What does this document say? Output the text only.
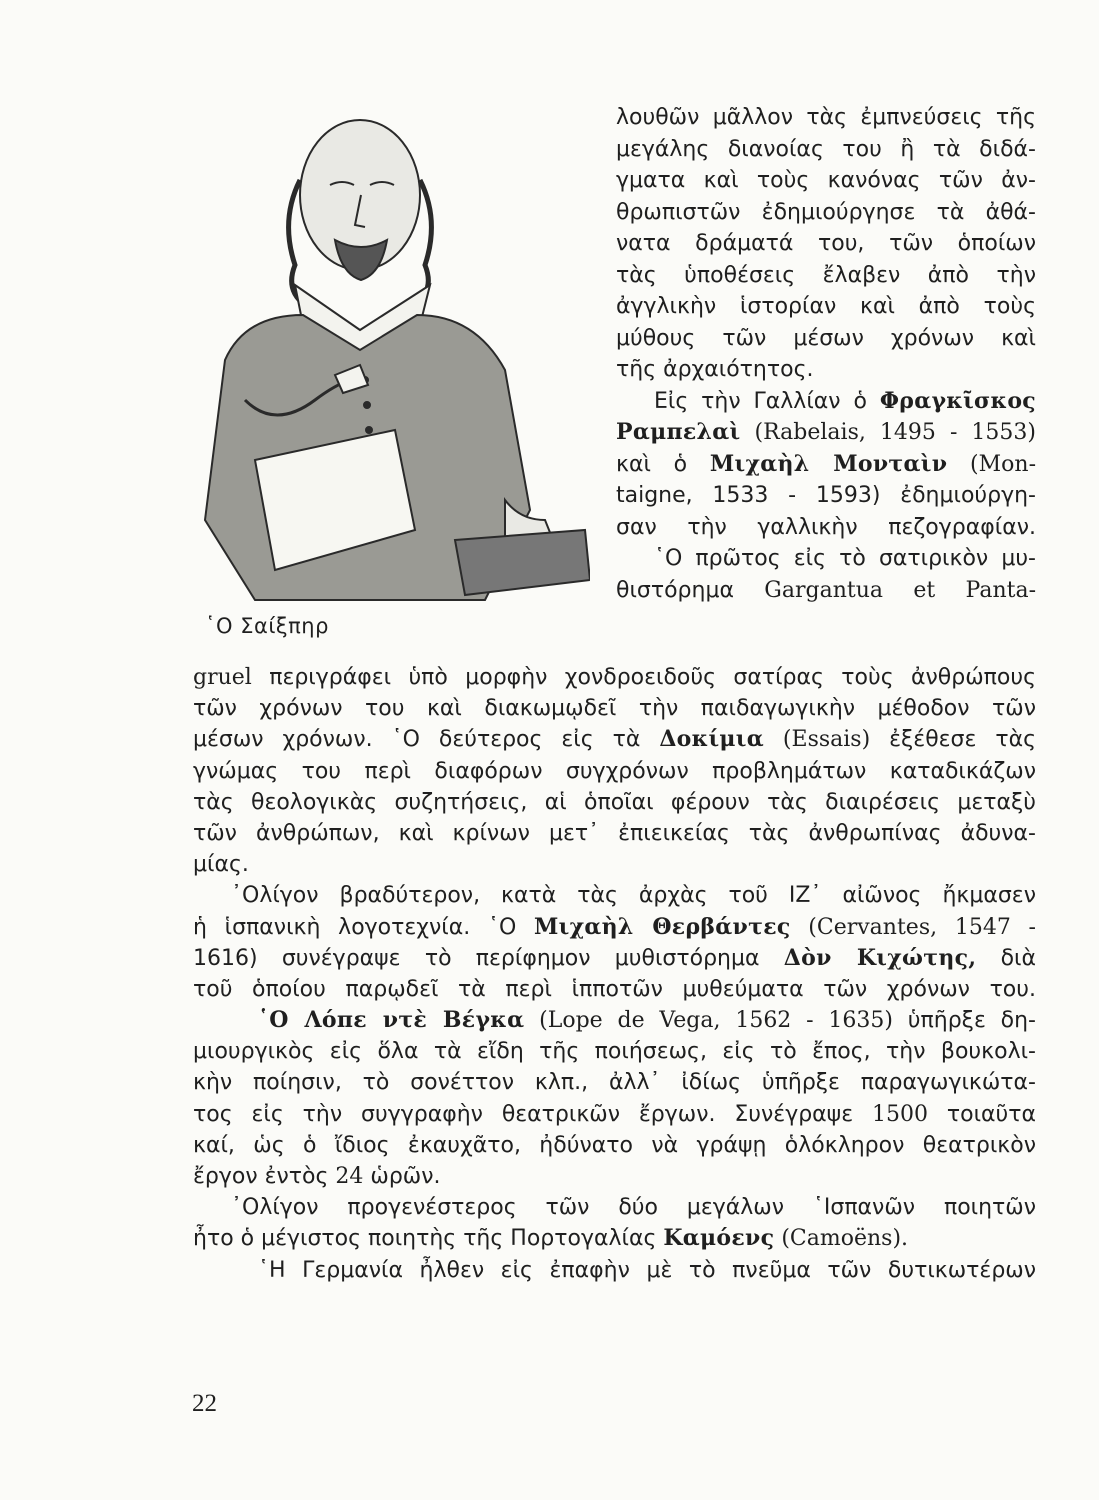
῾Ο Σαίξπηρ
λουθῶν μᾶλλον τὰς ἐμπνεύσεις τῆς
μεγάλης διανοίας του ἢ τὰ διδά-
γματα καὶ τοὺς κανόνας τῶν ἀν-
θρωπιστῶν ἐδημιούργησε τὰ ἀθά-
νατα δράματά του, τῶν ὁποίων
τὰς ὑποθέσεις ἔλαβεν ἀπὸ τὴν
ἀγγλικὴν ἱστορίαν καὶ ἀπὸ τοὺς
μύθους τῶν μέσων χρόνων καὶ
τῆς ἀρχαιότητος.
Εἰς τὴν Γαλλίαν ὁ Φραγκῖσκος
Ραμπελαὶ (Rabelais, 1495 - 1553)
καὶ ὁ Μιχαὴλ Μονταὶν (Mon-
taigne, 1533 - 1593) ἐδημιούργη-
σαν τὴν γαλλικὴν πεζογραφίαν.
῾Ο πρῶτος εἰς τὸ σατιρικὸν μυ-
θιστόρημα Gargantua et Panta-
gruel περιγράφει ὑπὸ μορφὴν χονδροειδοῦς σατίρας τοὺς ἀνθρώπους
τῶν χρόνων του καὶ διακωμῳδεῖ τὴν παιδαγωγικὴν μέθοδον τῶν
μέσων χρόνων. ῾Ο δεύτερος εἰς τὰ Δοκίμια (Essais) ἐξέθεσε τὰς
γνώμας του περὶ διαφόρων συγχρόνων προβλημάτων καταδικάζων
τὰς θεολογικὰς συζητήσεις, αἱ ὁποῖαι φέρουν τὰς διαιρέσεις μεταξὺ
τῶν ἀνθρώπων, καὶ κρίνων μετ᾽ ἐπιεικείας τὰς ἀνθρωπίνας ἀδυνα-
μίας.
᾽Ολίγον βραδύτερον, κατὰ τὰς ἀρχὰς τοῦ ΙΖ᾽ αἰῶνος ἤκμασεν
ἡ ἱσπανικὴ λογοτεχνία. ῾Ο Μιχαὴλ Θερβάντες (Cervantes, 1547 -
1616) συνέγραψε τὸ περίφημον μυθιστόρημα Δὸν Κιχώτης, διὰ
τοῦ ὁποίου παρῳδεῖ τὰ περὶ ἱπποτῶν μυθεύματα τῶν χρόνων του.
῾Ο Λόπε ντὲ Βέγκα (Lope de Vega, 1562 - 1635) ὑπῆρξε δη-
μιουργικὸς εἰς ὅλα τὰ εἴδη τῆς ποιήσεως, εἰς τὸ ἔπος, τὴν βουκολι-
κὴν ποίησιν, τὸ σονέττον κλπ., ἀλλ᾽ ἰδίως ὑπῆρξε παραγωγικώτα-
τος εἰς τὴν συγγραφὴν θεατρικῶν ἔργων. Συνέγραψε 1500 τοιαῦτα
καί, ὡς ὁ ἴδιος ἐκαυχᾶτο, ἠδύνατο νὰ γράψῃ ὁλόκληρον θεατρικὸν
ἔργον ἐντὸς 24 ὡρῶν.
᾽Ολίγον προγενέστερος τῶν δύο μεγάλων ῾Ισπανῶν ποιητῶν
ἦτο ὁ μέγιστος ποιητὴς τῆς Πορτογαλίας Καμόενς (Camoëns).
῾Η Γερμανία ἦλθεν εἰς ἐπαφὴν μὲ τὸ πνεῦμα τῶν δυτικωτέρων
22
